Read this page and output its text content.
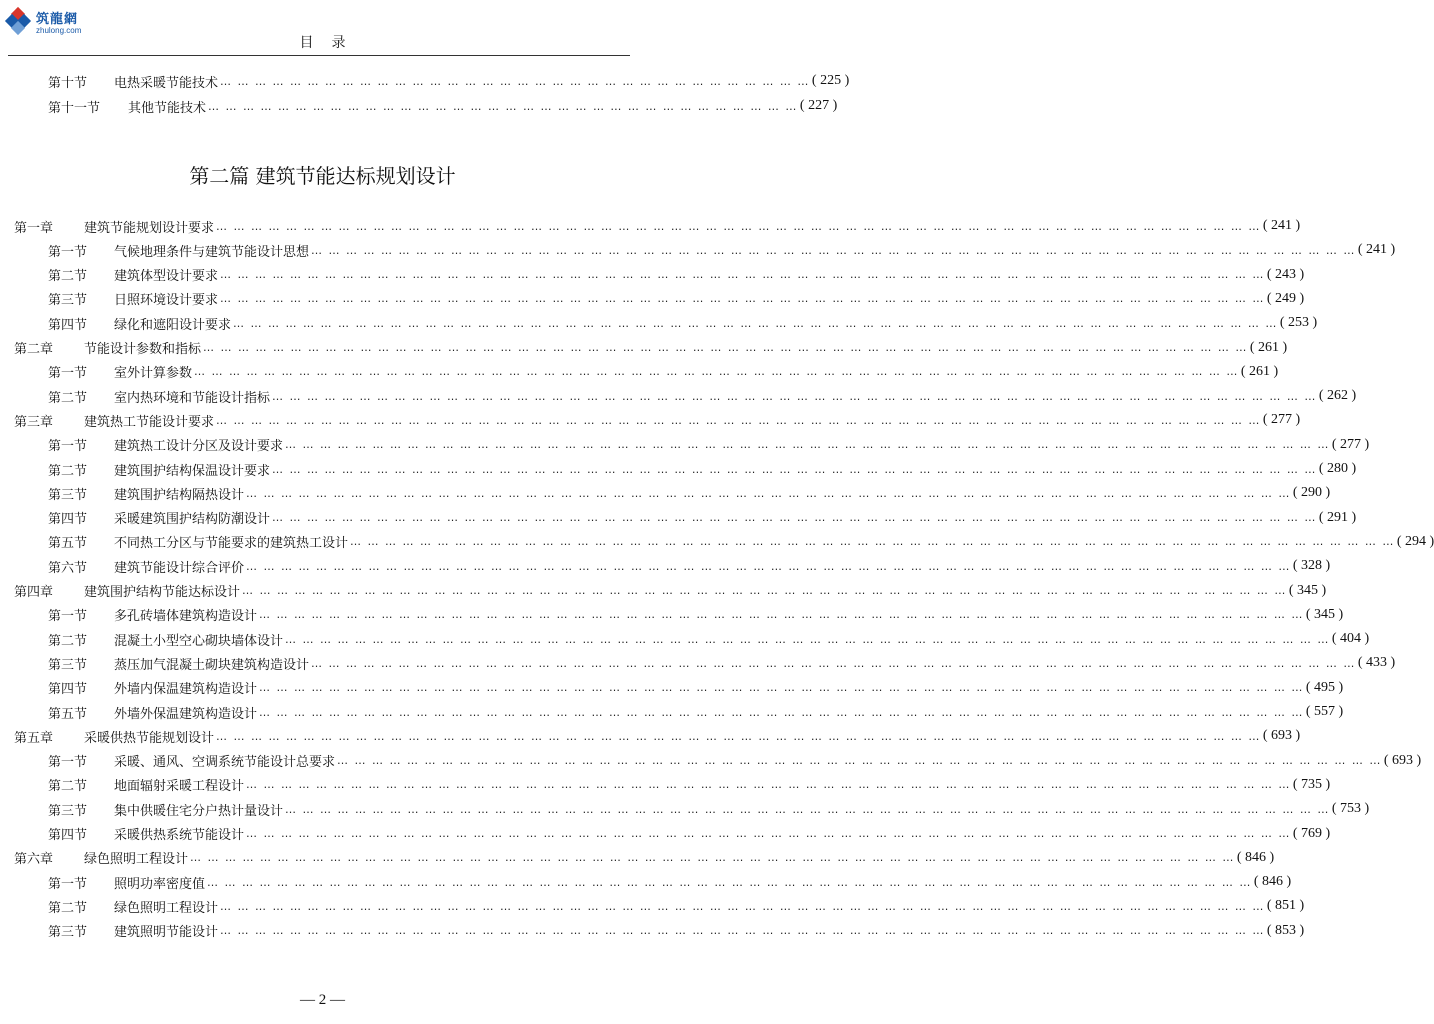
筑龍網
zhulong.com
目录
第十节	电热采暖节能技术 … … … … … … … … … … … … … … … … … … … … … … … … … … … … … … … … … … ( 225 )
第十一节	其他节能技术 … … … … … … … … … … … … … … … … … … … … … … … … … … … … … … … … … … ( 227 )
第二篇 建筑节能达标规划设计
第一章	建筑节能规划设计要求 … … … … … … … … … … … … … … … … … … … … … … … … … … … … … … … … … … … … … … … … … … … … … … … … … … … … … … … … … … … … ( 241 )
第一节	气候地理条件与建筑节能设计思想 … … … … … … … … … … … … … … … … … … … … … … … … … … … … … … … … … … … … … … … … … … … … … … … … … … … … … … … … … … … … ( 241 )
第二节	建筑体型设计要求 … … … … … … … … … … … … … … … … … … … … … … … … … … … … … … … … … … … … … … … … … … … … … … … … … … … … … … … … … … … … ( 243 )
第三节	日照环境设计要求 … … … … … … … … … … … … … … … … … … … … … … … … … … … … … … … … … … … … … … … … … … … … … … … … … … … … … … … … … … … … ( 249 )
第四节	绿化和遮阳设计要求 … … … … … … … … … … … … … … … … … … … … … … … … … … … … … … … … … … … … … … … … … … … … … … … … … … … … … … … … … … … … ( 253 )
第二章	节能设计参数和指标 … … … … … … … … … … … … … … … … … … … … … … … … … … … … … … … … … … … … … … … … … … … … … … … … … … … … … … … … … … … … ( 261 )
第一节	室外计算参数 … … … … … … … … … … … … … … … … … … … … … … … … … … … … … … … … … … … … … … … … … … … … … … … … … … … … … … … … … … … … ( 261 )
第二节	室内热环境和节能设计指标 … … … … … … … … … … … … … … … … … … … … … … … … … … … … … … … … … … … … … … … … … … … … … … … … … … … … … … … … … … … … ( 262 )
第三章	建筑热工节能设计要求 … … … … … … … … … … … … … … … … … … … … … … … … … … … … … … … … … … … … … … … … … … … … … … … … … … … … … … … … … … … … ( 277 )
第一节	建筑热工设计分区及设计要求 … … … … … … … … … … … … … … … … … … … … … … … … … … … … … … … … … … … … … … … … … … … … … … … … … … … … … … … … … … … … ( 277 )
第二节	建筑围护结构保温设计要求 … … … … … … … … … … … … … … … … … … … … … … … … … … … … … … … … … … … … … … … … … … … … … … … … … … … … … … … … … … … … ( 280 )
第三节	建筑围护结构隔热设计 … … … … … … … … … … … … … … … … … … … … … … … … … … … … … … … … … … … … … … … … … … … … … … … … … … … … … … … … … … … … ( 290 )
第四节	采暖建筑围护结构防潮设计 … … … … … … … … … … … … … … … … … … … … … … … … … … … … … … … … … … … … … … … … … … … … … … … … … … … … … … … … … … … … ( 291 )
第五节	不同热工分区与节能要求的建筑热工设计 … … … … … … … … … … … … … … … … … … … … … … … … … … … … … … … … … … … … … … … … … … … … … … … … … … … … … … … … … … … … ( 294 )
第六节	建筑节能设计综合评价 … … … … … … … … … … … … … … … … … … … … … … … … … … … … … … … … … … … … … … … … … … … … … … … … … … … … … … … … … … … … ( 328 )
第四章	建筑围护结构节能达标设计 … … … … … … … … … … … … … … … … … … … … … … … … … … … … … … … … … … … … … … … … … … … … … … … … … … … … … … … … … … … … ( 345 )
第一节	多孔砖墙体建筑构造设计 … … … … … … … … … … … … … … … … … … … … … … … … … … … … … … … … … … … … … … … … … … … … … … … … … … … … … … … … … … … … ( 345 )
第二节	混凝土小型空心砌块墙体设计 … … … … … … … … … … … … … … … … … … … … … … … … … … … … … … … … … … … … … … … … … … … … … … … … … … … … … … … … … … … … ( 404 )
第三节	蒸压加气混凝土砌块建筑构造设计 … … … … … … … … … … … … … … … … … … … … … … … … … … … … … … … … … … … … … … … … … … … … … … … … … … … … … … … … … … … … ( 433 )
第四节	外墙内保温建筑构造设计 … … … … … … … … … … … … … … … … … … … … … … … … … … … … … … … … … … … … … … … … … … … … … … … … … … … … … … … … … … … … ( 495 )
第五节	外墙外保温建筑构造设计 … … … … … … … … … … … … … … … … … … … … … … … … … … … … … … … … … … … … … … … … … … … … … … … … … … … … … … … … … … … … ( 557 )
第五章	采暖供热节能规划设计 … … … … … … … … … … … … … … … … … … … … … … … … … … … … … … … … … … … … … … … … … … … … … … … … … … … … … … … … … … … … ( 693 )
第一节	采暖、通风、空调系统节能设计总要求 … … … … … … … … … … … … … … … … … … … … … … … … … … … … … … … … … … … … … … … … … … … … … … … … … … … … … … … … … … … … ( 693 )
第二节	地面辐射采暖工程设计 … … … … … … … … … … … … … … … … … … … … … … … … … … … … … … … … … … … … … … … … … … … … … … … … … … … … … … … … … … … … ( 735 )
第三节	集中供暖住宅分户热计量设计 … … … … … … … … … … … … … … … … … … … … … … … … … … … … … … … … … … … … … … … … … … … … … … … … … … … … … … … … … … … … ( 753 )
第四节	采暖供热系统节能设计 … … … … … … … … … … … … … … … … … … … … … … … … … … … … … … … … … … … … … … … … … … … … … … … … … … … … … … … … … … … … ( 769 )
第六章	绿色照明工程设计 … … … … … … … … … … … … … … … … … … … … … … … … … … … … … … … … … … … … … … … … … … … … … … … … … … … … … … … … … … … … ( 846 )
第一节	照明功率密度值 … … … … … … … … … … … … … … … … … … … … … … … … … … … … … … … … … … … … … … … … … … … … … … … … … … … … … … … … … … … … ( 846 )
第二节	绿色照明工程设计 … … … … … … … … … … … … … … … … … … … … … … … … … … … … … … … … … … … … … … … … … … … … … … … … … … … … … … … … … … … … ( 851 )
第三节	建筑照明节能设计 … … … … … … … … … … … … … … … … … … … … … … … … … … … … … … … … … … … … … … … … … … … … … … … … … … … … … … … … … … … … ( 853 )
— 2 —
